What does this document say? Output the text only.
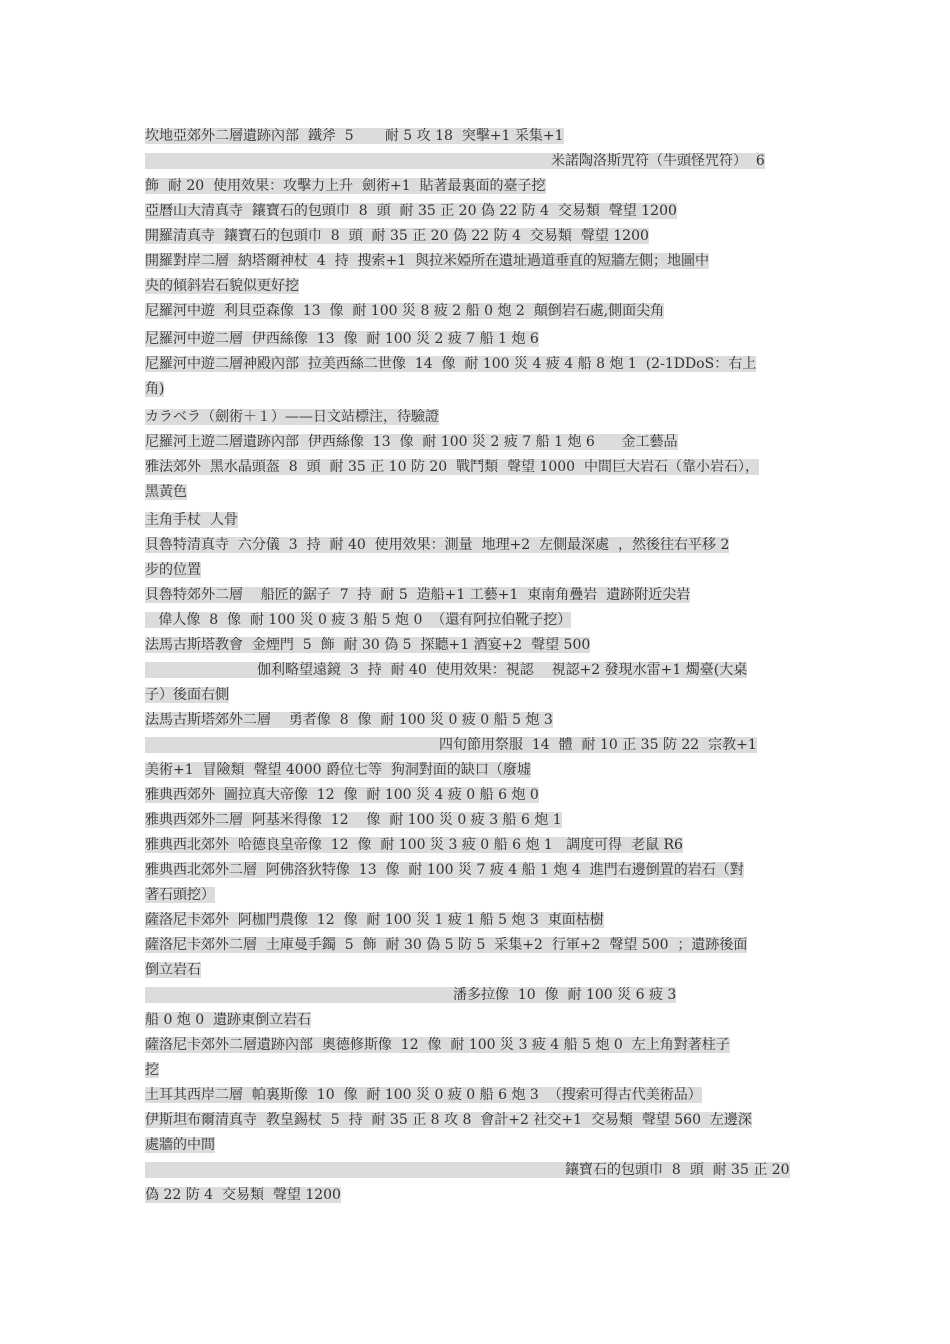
坎地亞郊外二層遺跡內部  鐵斧  5       耐 5 攻 18  突擊+1 采集+1
　　　　　　　　　　　　　　　　　　　　　　　　　　　　　米諾陶洛斯咒符（牛頭怪咒符）  6
飾  耐 20  使用效果：攻擊力上升  劍術+1  貼著最裏面的臺子挖
亞曆山大清真寺  鑲寶石的包頭巾  8  頭  耐 35 正 20 偽 22 防 4  交易類  聲望 1200
開羅清真寺  鑲寶石的包頭巾  8  頭  耐 35 正 20 偽 22 防 4  交易類  聲望 1200
開羅對岸二層  納塔爾神杖  4  持  搜索+1  與拉米婭所在遺址過道垂直的短牆左側；地圖中
央的傾斜岩石貌似更好挖
尼羅河中遊  利貝亞森像  13  像  耐 100 災 8 疲 2 船 0 炮 2  顛倒岩石處,側面尖角
尼羅河中遊二層  伊西絲像  13  像  耐 100 災 2 疲 7 船 1 炮 6
尼羅河中遊二層神殿內部  拉美西絲二世像  14  像  耐 100 災 4 疲 4 船 8 炮 1  (2-1DDoS：右上
角)
カラベラ（劍術＋１）——日文站標注，待驗證
尼羅河上遊二層遺跡內部  伊西絲像  13  像  耐 100 災 2 疲 7 船 1 炮 6      金工藝品
雅法郊外  黑水晶頭盔  8  頭  耐 35 正 10 防 20  戰鬥類  聲望 1000  中間巨大岩石（靠小岩石），
黑黃色
主角手杖  人骨
貝魯特清真寺  六分儀  3  持  耐 40  使用效果：測量  地理+2  左側最深處  ，然後往右平移 2
步的位置
貝魯特郊外二層    船匠的鋸子  7  持  耐 5  造船+1 工藝+1  東南角疊岩  遺跡附近尖岩
偉人像  8  像  耐 100 災 0 疲 3 船 5 炮 0  （還有阿拉伯靴子挖）
法馬古斯塔教會  金煙門  5  飾  耐 30 偽 5  探聽+1 酒宴+2  聲望 500
　　　　　　　　伽利略望遠鏡  3  持  耐 40  使用效果：視認    視認+2 發現水雷+1 燭臺(大桌
子）後面右側
法馬古斯塔郊外二層    勇者像  8  像  耐 100 災 0 疲 0 船 5 炮 3
　　　　　　　　　　　　　　　　　　　　　四旬節用祭服  14  體  耐 10 正 35 防 22  宗教+1
美術+1  冒險類  聲望 4000 爵位七等  狗洞對面的缺口（廢墟
雅典西郊外  圖拉真大帝像  12  像  耐 100 災 4 疲 0 船 6 炮 0
雅典西郊外二層  阿基米得像  12    像  耐 100 災 0 疲 3 船 6 炮 1
雅典西北郊外  哈德良皇帝像  12  像  耐 100 災 3 疲 0 船 6 炮 1   調度可得  老鼠 R6
雅典西北郊外二層  阿佛洛狄特像  13  像  耐 100 災 7 疲 4 船 1 炮 4  進門右邊倒置的岩石（對
著石頭挖）
薩洛尼卡郊外  阿枷門農像  12  像  耐 100 災 1 疲 1 船 5 炮 3  東面枯樹
薩洛尼卡郊外二層  土庫曼手鐲  5  飾  耐 30 偽 5 防 5  采集+2  行軍+2  聲望 500  ；遺跡後面
倒立岩石
　　　　　　　　　　　　　　　　　　　　　　潘多拉像  10  像  耐 100 災 6 疲 3
船 0 炮 0  遺跡東倒立岩石
薩洛尼卡郊外二層遺跡內部  奧德修斯像  12  像  耐 100 災 3 疲 4 船 5 炮 0  左上角對著柱子
挖
土耳其西岸二層  帕裏斯像  10  像  耐 100 災 0 疲 0 船 6 炮 3  （搜索可得古代美術品）
伊斯坦布爾清真寺  教皇錫杖  5  持  耐 35 正 8 攻 8  會計+2 社交+1  交易類  聲望 560  左邊深
處牆的中間
　　　　　　　　　　　　　　　　　　　　　　　　　　　　　　鑲寶石的包頭巾  8  頭  耐 35 正 20
偽 22 防 4  交易類  聲望 1200
